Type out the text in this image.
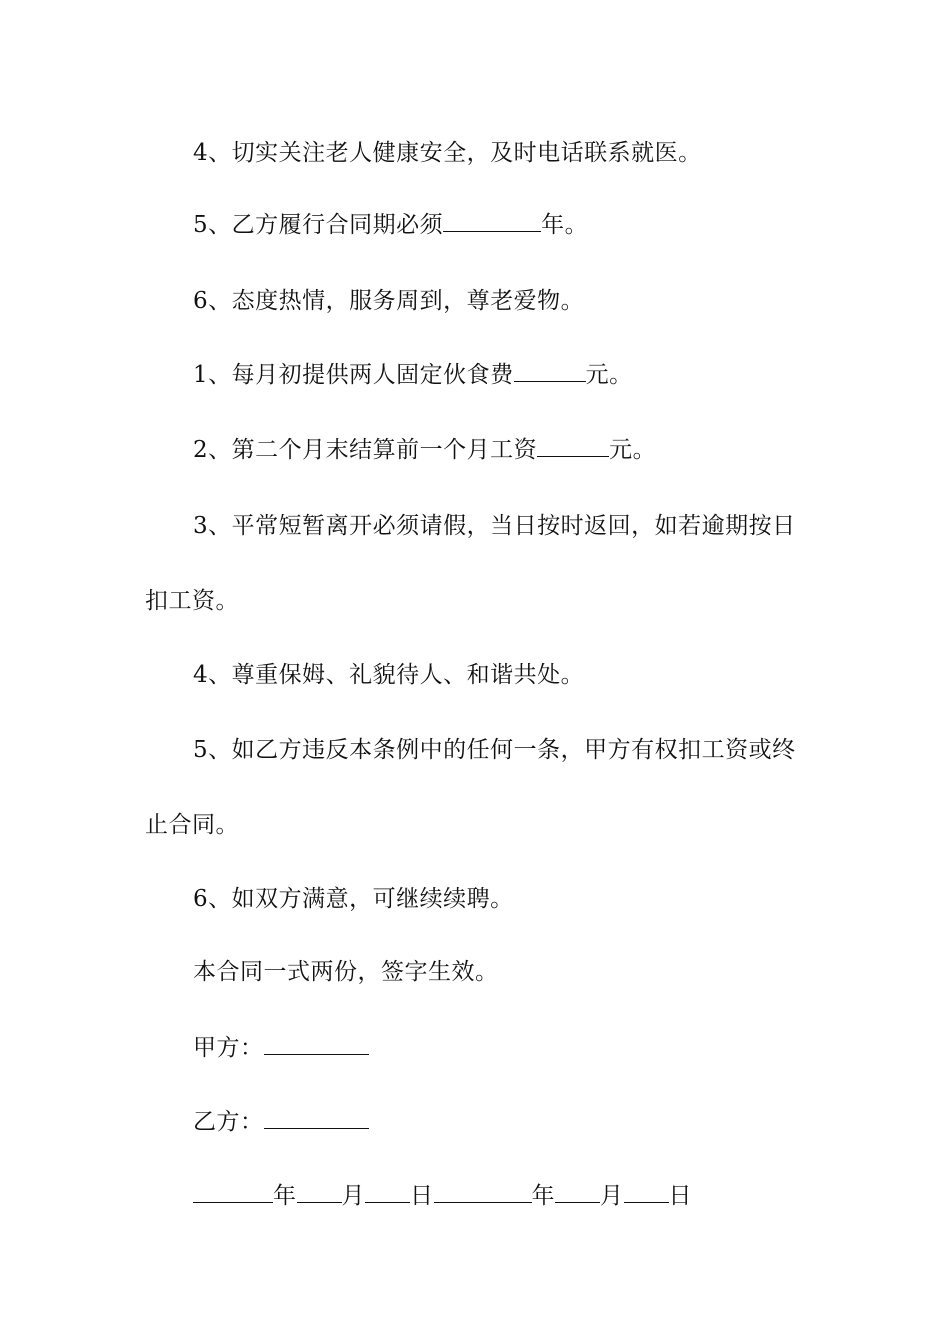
4、切实关注老人健康安全，及时电话联系就医。
5、乙方履行合同期必须	年。
6、态度热情，服务周到，尊老爱物。
1、每月初提供两人固定伙食费	元。
2、第二个月末结算前一个月工资	元。
3、平常短暂离开必须请假，当日按时返回，如若逾期按日
扣工资。
4、尊重保姆、礼貌待人、和谐共处。
5、如乙方违反本条例中的任何一条，甲方有权扣工资或终
止合同。
6、如双方满意，可继续续聘。
本合同一式两份，签字生效。
甲方：
乙方：
年 月 日	年 月 日
